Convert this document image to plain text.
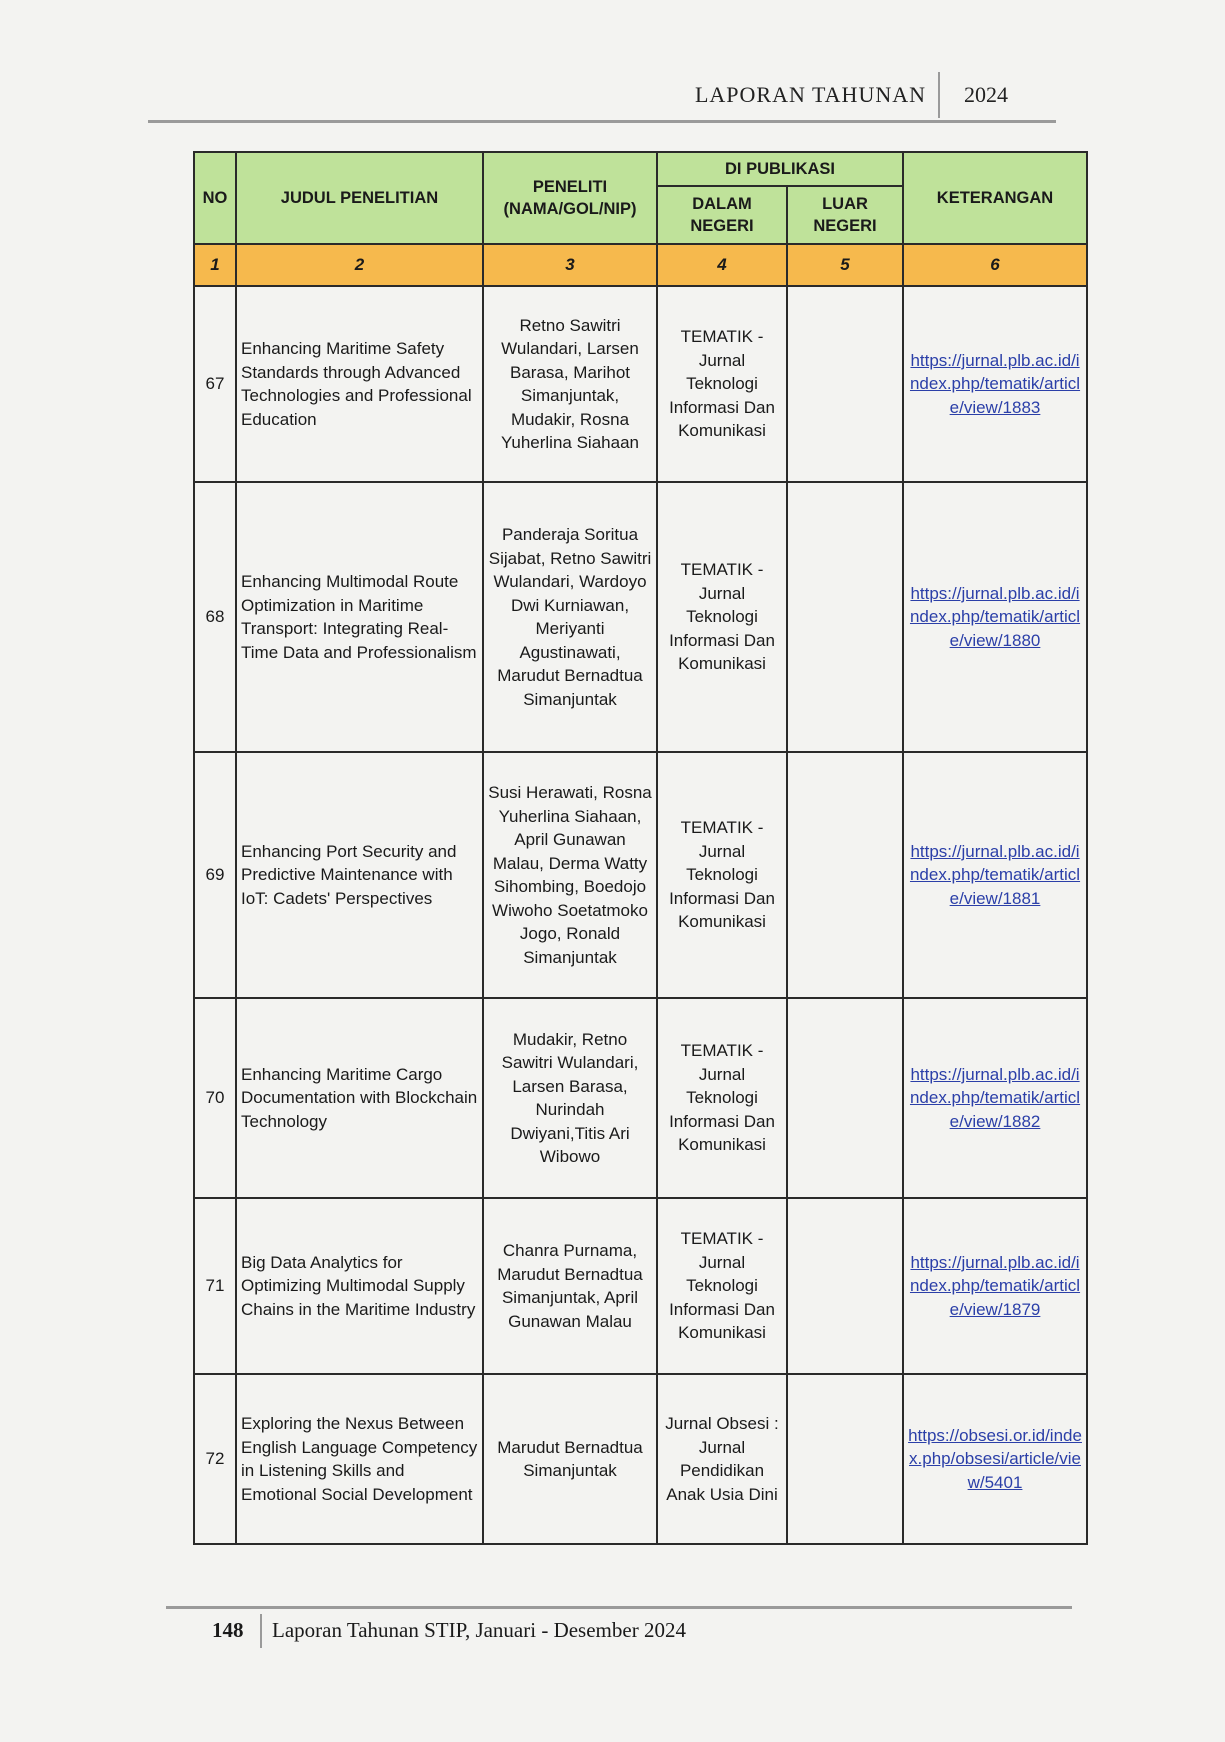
LAPORAN TAHUNAN 2024
NO	JUDUL PENELITIAN	PENELITI (NAMA/GOL/NIP)	DI PUBLIKASI		KETERANGAN
			DALAM NEGERI	LUAR NEGERI	
1	2	3	4	5	6
67	Enhancing Maritime Safety Standards through Advanced Technologies and Professional Education	Retno Sawitri Wulandari, Larsen Barasa, Marihot Simanjuntak, Mudakir, Rosna Yuherlina Siahaan	TEMATIK - Jurnal Teknologi Informasi Dan Komunikasi		https://jurnal.plb.ac.id/index.php/tematik/article/view/1883
68	Enhancing Multimodal Route Optimization in Maritime Transport: Integrating Real-Time Data and Professionalism	Panderaja Soritua Sijabat, Retno Sawitri Wulandari, Wardoyo Dwi Kurniawan, Meriyanti Agustinawati, Marudut Bernadtua Simanjuntak	TEMATIK - Jurnal Teknologi Informasi Dan Komunikasi		https://jurnal.plb.ac.id/index.php/tematik/article/view/1880
69	Enhancing Port Security and Predictive Maintenance with IoT: Cadets' Perspectives	Susi Herawati, Rosna Yuherlina Siahaan, April Gunawan Malau, Derma Watty Sihombing, Boedojo Wiwoho Soetatmoko Jogo, Ronald Simanjuntak	TEMATIK - Jurnal Teknologi Informasi Dan Komunikasi		https://jurnal.plb.ac.id/index.php/tematik/article/view/1881
70	Enhancing Maritime Cargo Documentation with Blockchain Technology	Mudakir, Retno Sawitri Wulandari, Larsen Barasa, Nurindah Dwiyani,Titis Ari Wibowo	TEMATIK - Jurnal Teknologi Informasi Dan Komunikasi		https://jurnal.plb.ac.id/index.php/tematik/article/view/1882
71	Big Data Analytics for Optimizing Multimodal Supply Chains in the Maritime Industry	Chanra Purnama, Marudut Bernadtua Simanjuntak, April Gunawan Malau	TEMATIK - Jurnal Teknologi Informasi Dan Komunikasi		https://jurnal.plb.ac.id/index.php/tematik/article/view/1879
72	Exploring the Nexus Between English Language Competency in Listening Skills and Emotional Social Development	Marudut Bernadtua Simanjuntak	Jurnal Obsesi : Jurnal Pendidikan Anak Usia Dini		https://obsesi.or.id/index.php/obsesi/article/view/5401
148 Laporan Tahunan STIP, Januari - Desember 2024
